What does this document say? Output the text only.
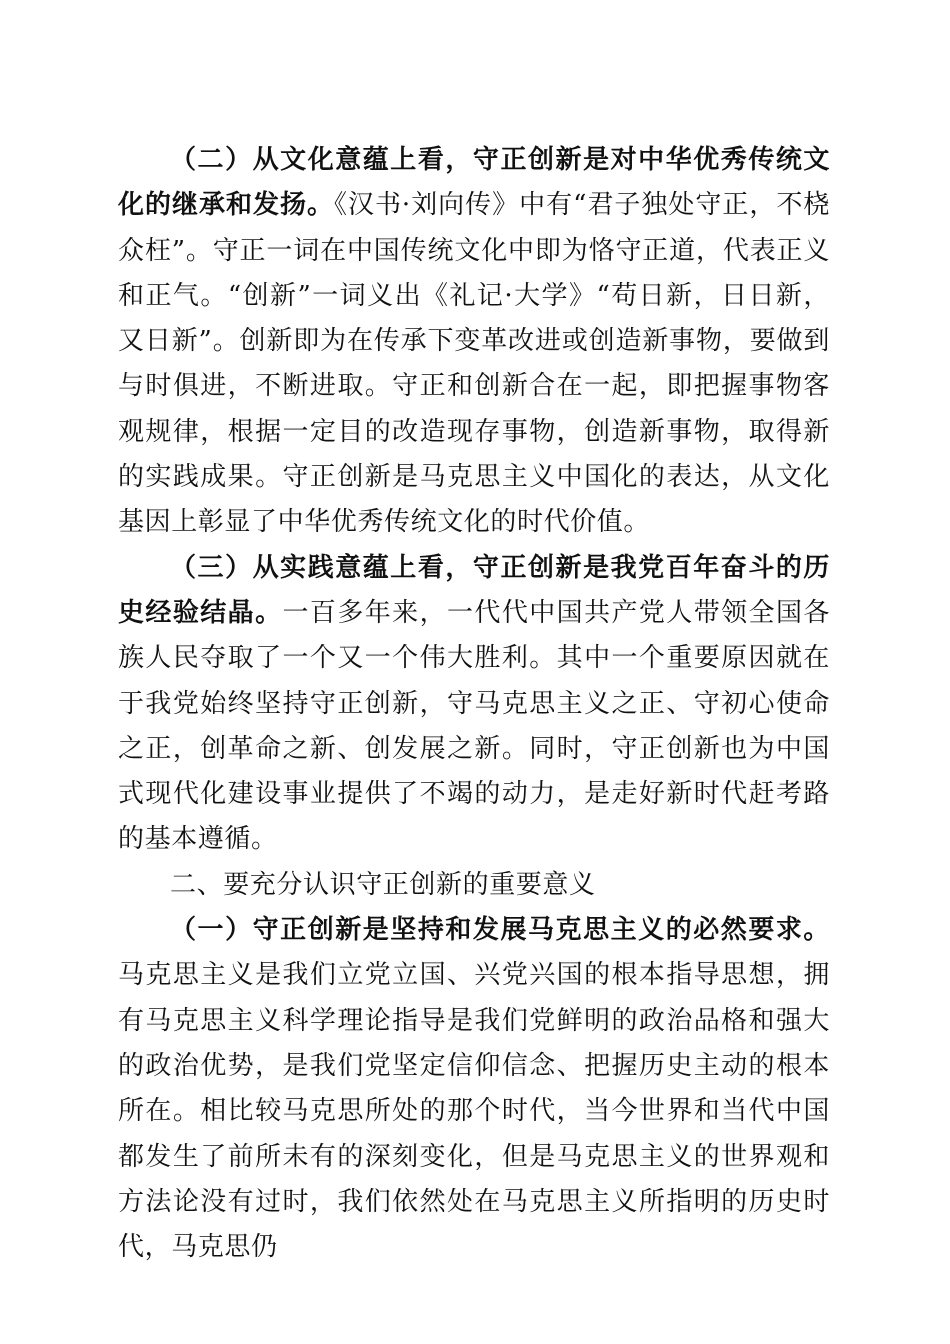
（二）从文化意蕴上看，守正创新是对中华优秀传统文化的继承和发扬。《汉书·刘向传》中有“君子独处守正，不桡众枉”。守正一词在中国传统文化中即为恪守正道，代表正义和正气。“创新”一词义出《礼记·大学》“苟日新，日日新，又日新”。创新即为在传承下变革改进或创造新事物，要做到与时俱进，不断进取。守正和创新合在一起，即把握事物客观规律，根据一定目的改造现存事物，创造新事物，取得新的实践成果。守正创新是马克思主义中国化的表达，从文化基因上彰显了中华优秀传统文化的时代价值。

（三）从实践意蕴上看，守正创新是我党百年奋斗的历史经验结晶。一百多年来，一代代中国共产党人带领全国各族人民夺取了一个又一个伟大胜利。其中一个重要原因就在于我党始终坚持守正创新，守马克思主义之正、守初心使命之正，创革命之新、创发展之新。同时，守正创新也为中国式现代化建设事业提供了不竭的动力，是走好新时代赶考路的基本遵循。

二、要充分认识守正创新的重要意义

（一）守正创新是坚持和发展马克思主义的必然要求。马克思主义是我们立党立国、兴党兴国的根本指导思想，拥有马克思主义科学理论指导是我们党鲜明的政治品格和强大的政治优势，是我们党坚定信仰信念、把握历史主动的根本所在。相比较马克思所处的那个时代，当今世界和当代中国都发生了前所未有的深刻变化，但是马克思主义的世界观和方法论没有过时，我们依然处在马克思主义所指明的历史时代，马克思仍
